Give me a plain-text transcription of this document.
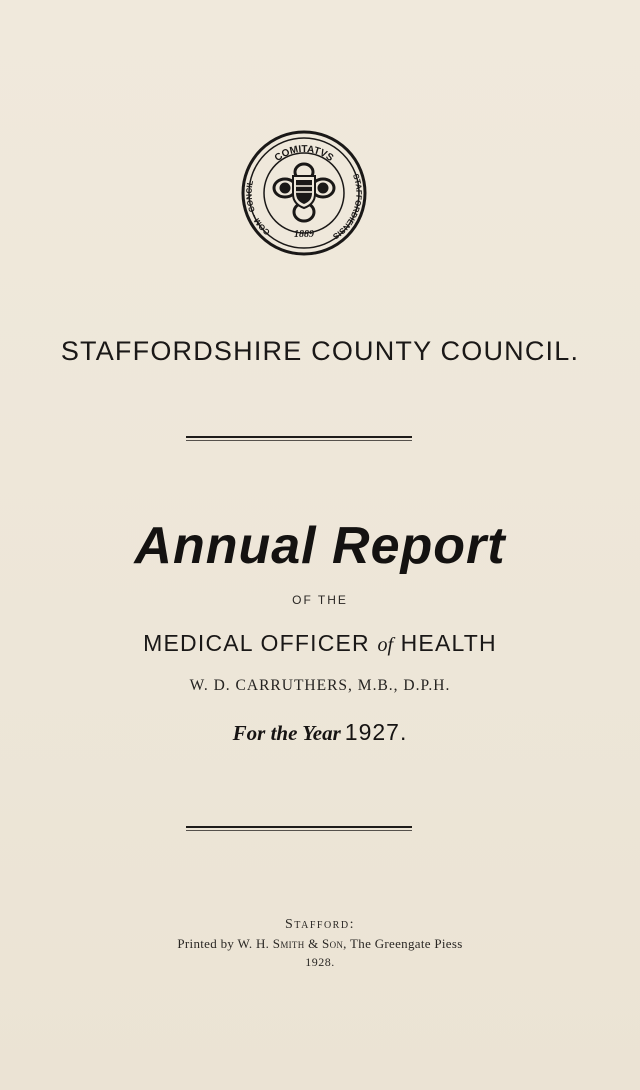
COMITATVS
COM · CONCIL
STAFFORDIENSIS
1889
STAFFORDSHIRE COUNTY COUNCIL.
Annual Report
OF THE
MEDICAL OFFICER of HEALTH
W. D. CARRUTHERS, M.B., D.P.H.
For the Year 1927.
Stafford:
Printed by W. H. Smith & Son, The Greengate Piess
1928.
